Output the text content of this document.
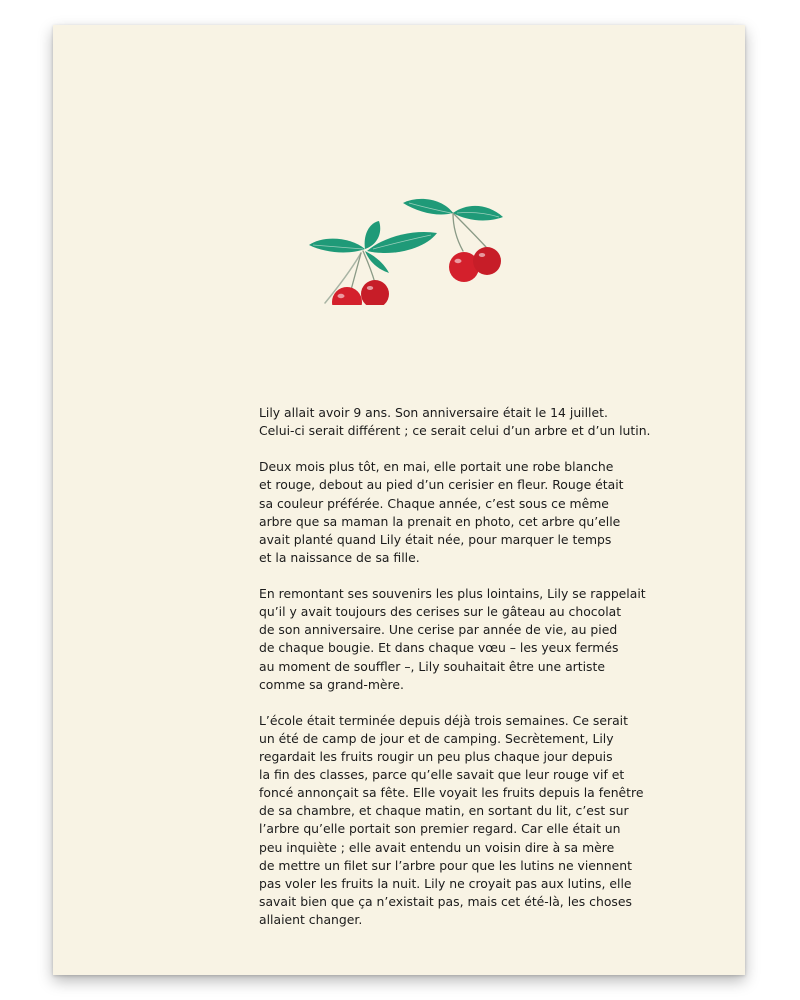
Lily allait avoir 9 ans. Son anniversaire était le 14 juillet.
Celui-ci serait différent ; ce serait celui d’un arbre et d’un lutin.

Deux mois plus tôt, en mai, elle portait une robe blanche
et rouge, debout au pied d’un cerisier en fleur. Rouge était
sa couleur préférée. Chaque année, c’est sous ce même
arbre que sa maman la prenait en photo, cet arbre qu’elle
avait planté quand Lily était née, pour marquer le temps
et la naissance de sa fille.

En remontant ses souvenirs les plus lointains, Lily se rappelait
qu’il y avait toujours des cerises sur le gâteau au chocolat
de son anniversaire. Une cerise par année de vie, au pied
de chaque bougie. Et dans chaque vœu – les yeux fermés
au moment de souffler –, Lily souhaitait être une artiste
comme sa grand-mère.

L’école était terminée depuis déjà trois semaines. Ce serait
un été de camp de jour et de camping. Secrètement, Lily
regardait les fruits rougir un peu plus chaque jour depuis
la fin des classes, parce qu’elle savait que leur rouge vif et
foncé annonçait sa fête. Elle voyait les fruits depuis la fenêtre
de sa chambre, et chaque matin, en sortant du lit, c’est sur
l’arbre qu’elle portait son premier regard. Car elle était un
peu inquiète ; elle avait entendu un voisin dire à sa mère
de mettre un filet sur l’arbre pour que les lutins ne viennent
pas voler les fruits la nuit. Lily ne croyait pas aux lutins, elle
savait bien que ça n’existait pas, mais cet été-là, les choses
allaient changer.
